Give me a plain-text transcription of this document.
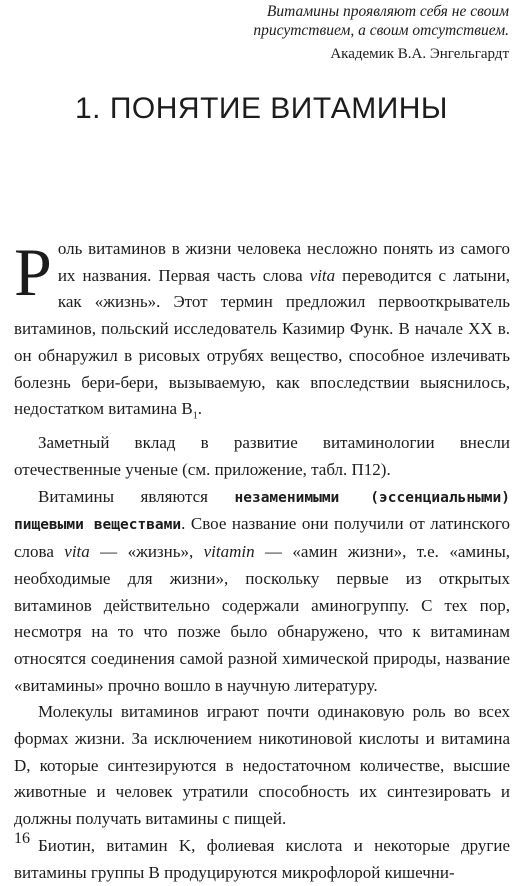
Витамины проявляют себя не своим
присутствием, а своим отсутствием.
Академик В.А. Энгельгардт
1. ПОНЯТИЕ ВИТАМИНЫ

Роль витаминов в жизни человека несложно понять из самого их названия. Первая часть слова vita переводится с латыни, как «жизнь». Этот термин предложил первооткрыватель витаминов, польский исследователь Казимир Функ. В начале XX в. он обнаружил в рисовых отрубях вещество, способное излечивать болезнь бери-бери, вызываемую, как впоследствии выяснилось, недостатком витамина $B_1$.

Заметный вклад в развитие витаминологии внесли отечественные ученые (см. приложение, табл. П12).

Витамины являются незаменимыми (эссенциальными) пищевыми веществами. Свое название они получили от латинского слова vita — «жизнь», vitamin — «амин жизни», т.е. «амины, необходимые для жизни», поскольку первые из открытых витаминов действительно содержали аминогруппу. С тех пор, несмотря на то что позже было обнаружено, что к витаминам относятся соединения самой разной химической природы, название «витамины» прочно вошло в научную литературу.

Молекулы витаминов играют почти одинаковую роль во всех формах жизни. За исключением никотиновой кислоты и витамина D, которые синтезируются в недостаточном количестве, высшие животные и человек утратили способность их синтезировать и должны получать витамины с пищей.

Биотин, витамин K, фолиевая кислота и некоторые другие витамины группы B продуцируются микрофлорой кишечни-

16
